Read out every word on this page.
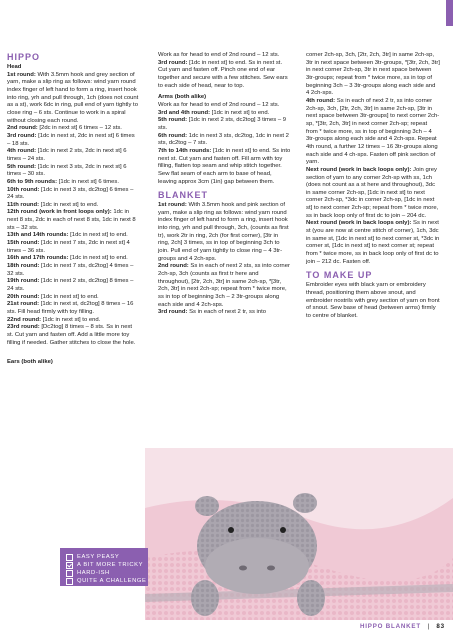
HIPPO

Head

1st round: With 3.5mm hook and grey section of yarn, make a slip ring as follows: wind yarn round index finger of left hand to form a ring, insert hook into ring, yrh and pull through, 1ch (does not count as a st), work 6dc in ring, pull end of yarn tightly to close ring – 6 sts. Continue to work in a spiral without closing each round.

2nd round: [2dc in next st] 6 times – 12 sts.

3rd round: [1dc in next st, 2dc in next st] 6 times – 18 sts.

4th round: [1dc in next 2 sts, 2dc in next st] 6 times – 24 sts.

5th round: [1dc in next 3 sts, 2dc in next st] 6 times – 30 sts.

6th to 9th rounds: [1dc in next st] 6 times.

10th round: [1dc in next 3 sts, dc2tog] 6 times – 24 sts.

11th round: [1dc in next st] to end.

12th round (work in front loops only): 1dc in next 8 sts, 2dc in each of next 8 sts, 1dc in next 8 sts – 32 sts.

13th and 14th rounds: [1dc in next st] to end.

15th round: [1dc in next 7 sts, 2dc in next st] 4 times – 36 sts.

16th and 17th rounds: [1dc in next st] to end.

18th round: [1dc in next 7 sts, dc2tog] 4 times – 32 sts.

19th round: [1dc in next 2 sts, dc2tog] 8 times – 24 sts.

20th round: [1dc in next st] to end.

21st round: [1dc in next st, dc2tog] 8 times – 16 sts. Fill head firmly with toy filling.

22nd round: [1dc in next st] to end.

23rd round: [Dc2tog] 8 times – 8 sts. Ss in next st. Cut yarn and fasten off. Add a little more toy filling if needed. Gather stitches to close the hole.

Ears (both alike)

Work as for head to end of 2nd round – 12 sts.

3rd round: [1dc in next st] to end. Ss in next st. Cut yarn and fasten off. Pinch one end of ear together and secure with a few stitches. Sew ears to each side of head, near to top.

Arms (both alike)

Work as for head to end of 2nd round – 12 sts.

3rd and 4th round: [1dc in next st] to end.

5th round: [1dc in next 2 sts, dc2tog] 3 times – 9 sts.

6th round: 1dc in next 3 sts, dc2tog, 1dc in next 2 sts, dc2tog – 7 sts.

7th to 14th rounds: [1dc in next st] to end. Ss into next st. Cut yarn and fasten off. Fill arm with toy filling, flatten top seam and whip stitch together. Sew flat seam of each arm to base of head, leaving approx 3cm (1in) gap between them.

BLANKET

1st round: With 3.5mm hook and pink section of yarn, make a slip ring as follows: wind yarn round index finger of left hand to form a ring, insert hook into ring, yrh and pull through, 3ch, (counts as first tr), work 2tr in ring, 2ch (for first corner), [3tr in ring, 2ch] 3 times, ss in top of beginning 3ch to join. Pull end of yarn tightly to close ring – 4 3tr-groups and 4 2ch-sps.

2nd round: Ss in each of next 2 sts, ss into corner 2ch-sp, 3ch (counts as first tr here and throughout), [2tr, 2ch, 3tr] in same 2ch-sp, *[3tr, 2ch, 3tr] in next 2ch-sp; repeat from * twice more, ss in top of beginning 3ch – 2 3tr-groups along each side and 4 2ch-sps.

3rd round: Ss in each of next 2 tr, ss into

corner 2ch-sp, 3ch, [2tr, 2ch, 3tr] in same 2ch-sp, 3tr in next space between 3tr-groups, *[3tr, 2ch, 3tr] in next corner 2ch-sp, 3tr in next space between 3tr-groups; repeat from * twice more, ss in top of beginning 3ch – 3 3tr-groups along each side and 4 2ch-sps.

4th round: Ss in each of next 2 tr, ss into corner 2ch-sp, 3ch, [2tr, 2ch, 3tr] in same 2ch-sp, [3tr in next space between 3tr-groups] to next corner 2ch-sp, *[3tr, 2ch, 3tr] in next corner 2ch-sp; repeat from * twice more, ss in top of beginning 3ch – 4 3tr-groups along each side and 4 2ch-sps. Repeat 4th round, a further 12 times – 16 3tr-groups along each side and 4 ch-sps. Fasten off pink section of yarn.

Next round (work in back loops only): Join grey section of yarn to any corner 2ch-sp with ss, 1ch (does not count as a st here and throughout), 3dc in same corner 2ch-sp, [1dc in next st] to next corner 2ch-sp, *3dc in corner 2ch-sp, [1dc in next st] to next corner 2ch-sp; repeat from * twice more, ss in back loop only of first dc to join – 204 dc.

Next round (work in back loops only): Ss in next st (you are now at centre stitch of corner), 1ch, 3dc in same st, [1dc in next st] to next corner st, *3dc in corner st, [1dc in next st] to next corner st; repeat from * twice more, ss in back loop only of first dc to join – 212 dc. Fasten off.

TO MAKE UP

Embroider eyes with black yarn or embroidery thread, positioning them above snout, and embroider nostrils with grey section of yarn on front of snout. Sew base of head (between arms) firmly to centre of blanket.

EASY PEASY
A BIT MORE TRICKY
HARD-ISH
QUITE A CHALLENGE
HIPPO BLANKET | 83
